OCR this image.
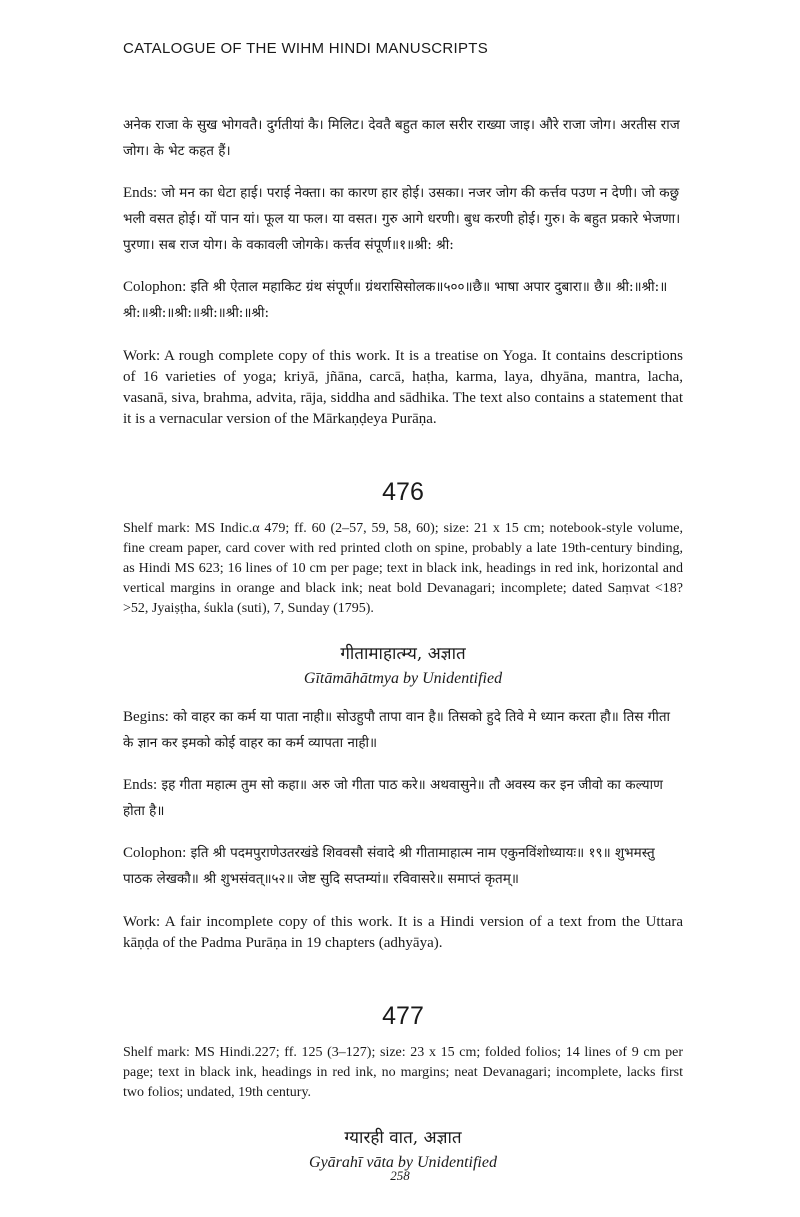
CATALOGUE OF THE WIHM HINDI MANUSCRIPTS

अनेक राजा के सुख भोगवतै। दुर्गतीयां कै। मिलिट। देवतै बहुत काल सरीर राख्या जाइ। औरे राजा जोग। अरतीस राज जोग। के भेट कहत हैं।

Ends: जो मन का धेटा हाई। पराई नेक्ता। का कारण हार होई। उसका। नजर जोग की कर्त्तव पउण न देणी। जो कछु भली वसत होई। यों पान यां। फूल या फल। या वसत। गुरु आगे धरणी। बुध करणी होई। गुरु। के बहुत प्रकारे भेजणा। पुरणा। सब राज योग। के वकावली जोगके। कर्त्तव संपूर्ण॥१॥श्री: श्री:

Colophon: इति श्री ऐताल महाकिट ग्रंथ संपूर्ण॥ ग्रंथरासिसोलक॥५००॥छै॥ भाषा अपार दुबारा॥ छै॥ श्री:॥श्री:॥श्री:॥श्री:॥श्री:॥श्री:॥श्री:॥श्री:

Work: A rough complete copy of this work. It is a treatise on Yoga. It contains descriptions of 16 varieties of yoga; kriyā, jñāna, carcā, haṭha, karma, laya, dhyāna, mantra, lacha, vasanā, siva, brahma, advita, rāja, siddha and sādhika. The text also contains a statement that it is a vernacular version of the Mārkaṇḍeya Purāṇa.

476

Shelf mark: MS Indic.α 479; ff. 60 (2–57, 59, 58, 60); size: 21 x 15 cm; notebook-style volume, fine cream paper, card cover with red printed cloth on spine, probably a late 19th-century binding, as Hindi MS 623; 16 lines of 10 cm per page; text in black ink, headings in red ink, horizontal and vertical margins in orange and black ink; neat bold Devanagari; incomplete; dated Saṃvat <18?>52, Jyaiṣṭha, śukla (suti), 7, Sunday (1795).

गीतामाहात्म्य, अज्ञात
Gītāmāhātmya by Unidentified

Begins: को वाहर का कर्म या पाता नाही॥ सोउहुपौ तापा वान है॥ तिसको हुदे तिवे मे ध्यान करता हौ॥ तिस गीता के ज्ञान कर इमको कोई वाहर का कर्म व्यापता नाही॥

Ends: इह गीता महात्म तुम सो कहा॥ अरु जो गीता पाठ करे॥ अथवासुने॥ तौ अवस्य कर इन जीवो का कल्याण होता है॥

Colophon: इति श्री पदमपुराणेउतरखंडे शिववसौ संवादे श्री गीतामाहात्म नाम एकुनविंशोध्यायः॥ १९॥ शुभमस्तु पाठक लेखकौ॥ श्री शुभसंवत्॥५२॥ जेष्ट सुदि सप्तम्यां॥ रविवासरे॥ समाप्तं कृतम्॥

Work: A fair incomplete copy of this work. It is a Hindi version of a text from the Uttara kāṇḍa of the Padma Purāṇa in 19 chapters (adhyāya).

477

Shelf mark: MS Hindi.227; ff. 125 (3–127); size: 23 x 15 cm; folded folios; 14 lines of 9 cm per page; text in black ink, headings in red ink, no margins; neat Devanagari; incomplete, lacks first two folios; undated, 19th century.

ग्यारही वात, अज्ञात
Gyārahī vāta by Unidentified
258
